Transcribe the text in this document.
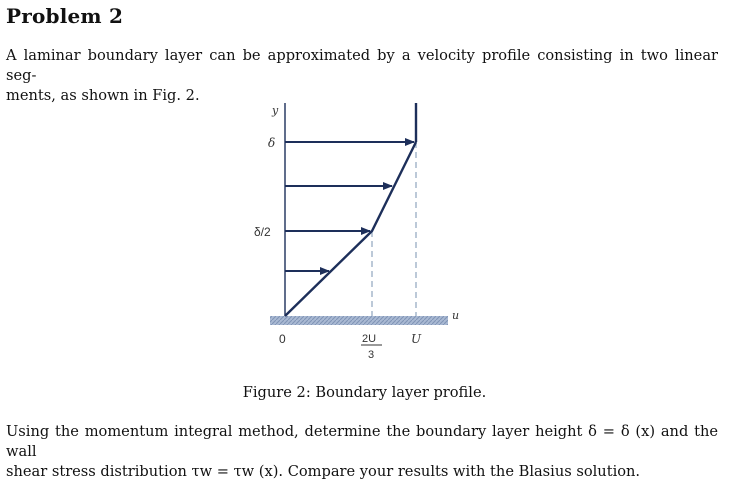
Problem 2
A laminar boundary layer can be approximated by a velocity profile consisting in two linear seg-
ments, as shown in Fig. 2.
y
δ
δ/2
0	2U
3
U
u
Figure 2: Boundary layer profile.
Using the momentum integral method, determine the boundary layer height δ = δ (x) and the wall
shear stress distribution τw = τw (x). Compare your results with the Blasius solution.
